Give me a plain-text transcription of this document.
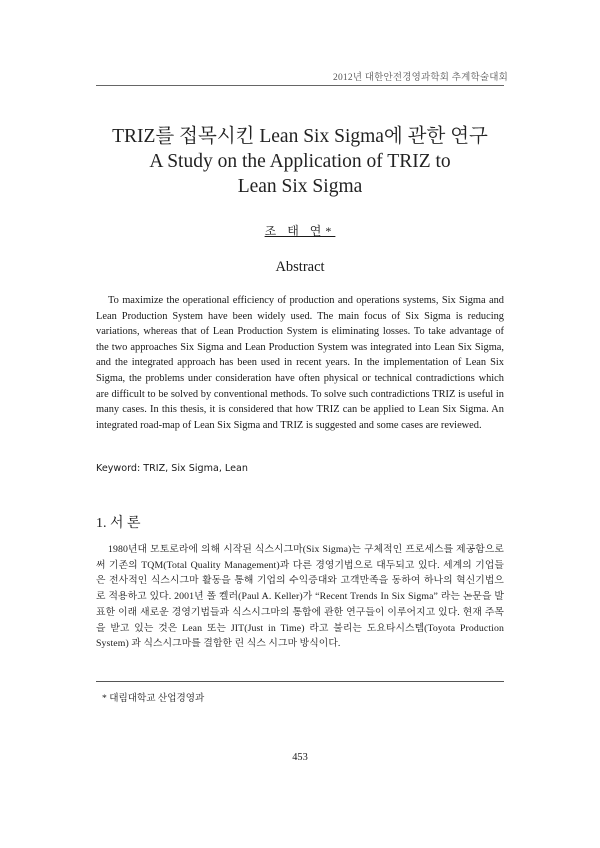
2012년 대한안전경영과학회 추계학술대회
TRIZ를 접목시킨 Lean Six Sigma에 관한 연구
A Study on the Application of TRIZ to
Lean Six Sigma
조 태 연*
Abstract

To maximize the operational efficiency of production and operations systems, Six Sigma and Lean Production System have been widely used. The main focus of Six Sigma is reducing variations, whereas that of Lean Production System is eliminating losses. To take advantage of the two approaches Six Sigma and Lean Production System was integrated into Lean Six Sigma, and the integrated approach has been used in recent years. In the implementation of Lean Six Sigma, the problems under consideration have often physical or technical contradictions which are difficult to be solved by conventional methods. To solve such contradictions TRIZ is useful in many cases. In this thesis, it is considered that how TRIZ can be applied to Lean Six Sigma. An integrated road-map of Lean Six Sigma and TRIZ is suggested and some cases are reviewed.

Keyword: TRIZ, Six Sigma, Lean
1. 서 론

1980년대 모토로라에 의해 시작된 식스시그마(Six Sigma)는 구체적인 프로세스를 제공함으로써 기존의 TQM(Total Quality Management)과 다른 경영기법으로 대두되고 있다. 세계의 기업들은 전사적인 식스시그마 활동을 통해 기업의 수익증대와 고객만족을 동하여 하나의 혁신기법으로 적용하고 있다. 2001년 폴 켈러(Paul A. Keller)가 “Recent Trends In Six Sigma” 라는 논문을 발표한 이래 새로운 경영기법들과 식스시그마의 통합에 관한 연구들이 이루어지고 있다. 현재 주목을 받고 있는 것은 Lean 또는 JIT(Just in Time) 라고 불리는 도요타시스템(Toyota Production System) 과 식스시그마를 결합한 린 식스 시그마 방식이다.

* 대림대학교 산업경영과
453
